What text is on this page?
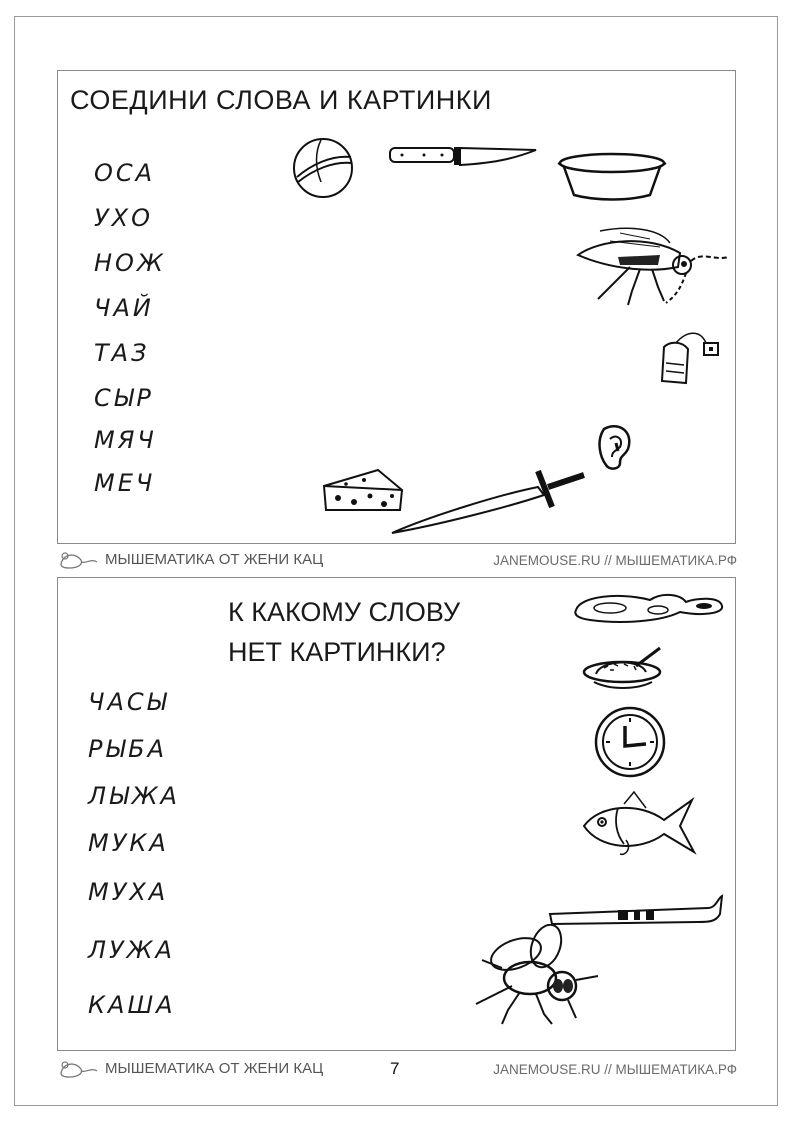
СОЕДИНИ СЛОВА И КАРТИНКИ
ОСА
УХО
НОЖ
ЧАЙ
ТАЗ
СЫР
МЯЧ
МЕЧ
МЫШЕМАТИКА ОТ ЖЕНИ КАЦ	JANEMOUSE.RU // МЫШЕМАТИКА.РФ
К КАКОМУ СЛОВУ
НЕТ КАРТИНКИ?
ЧАСЫ
РЫБА
ЛЫЖА
МУКА
МУХА
ЛУЖА
КАША
МЫШЕМАТИКА ОТ ЖЕНИ КАЦ	7	JANEMOUSE.RU // МЫШЕМАТИКА.РФ
